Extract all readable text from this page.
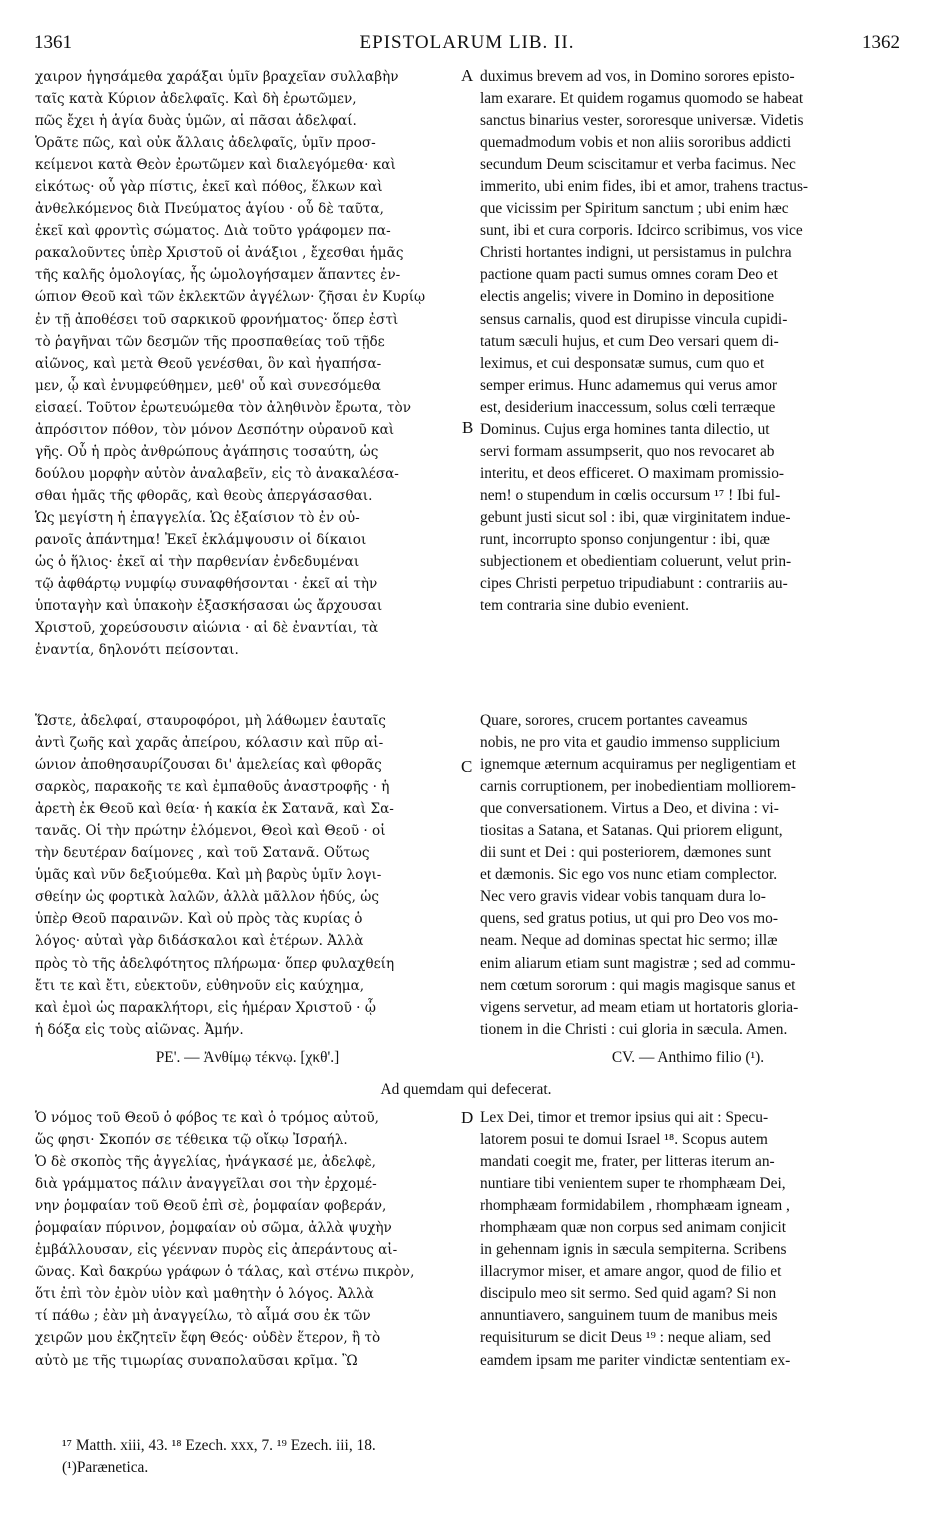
1361	EPISTOLARUM LIB. II.	1362
χαιρον ἡγησάμεθα χαράξαι ὑμῖν βραχεῖαν συλλαβὴν
ταῖς κατὰ Κύριον ἀδελφαῖς. Καὶ δὴ ἐρωτῶμεν,
πῶς ἔχει ἡ ἁγία δυὰς ὑμῶν, αἱ πᾶσαι ἀδελφαί.
Ὁρᾶτε πῶς, καὶ οὐκ ἄλλαις ἀδελφαῖς, ὑμῖν προσ-
κείμενοι κατὰ Θεὸν ἐρωτῶμεν καὶ διαλεγόμεθα· καὶ
εἰκότως· οὗ γὰρ πίστις, ἐκεῖ καὶ πόθος, ἕλκων καὶ
ἀνθελκόμενος διὰ Πνεύματος ἁγίου · οὗ δὲ ταῦτα,
ἐκεῖ καὶ φροντὶς σώματος. Διὰ τοῦτο γράφομεν πα-
ρακαλοῦντες ὑπὲρ Χριστοῦ οἱ ἀνάξιοι , ἔχεσθαι ἡμᾶς
τῆς καλῆς ὁμολογίας, ἧς ὡμολογήσαμεν ἅπαντες ἐν-
ώπιον Θεοῦ καὶ τῶν ἐκλεκτῶν ἀγγέλων· ζῆσαι ἐν Κυρίῳ
ἐν τῇ ἀποθέσει τοῦ σαρκικοῦ φρονήματος· ὅπερ ἐστὶ
τὸ ῥαγῆναι τῶν δεσμῶν τῆς προσπαθείας τοῦ τῇδε
αἰῶνος, καὶ μετὰ Θεοῦ γενέσθαι, ὃν καὶ ἠγαπήσα-
μεν, ᾧ καὶ ἐνυμφεύθημεν, μεθ' οὗ καὶ συνεσόμεθα
εἰσαεί. Τοῦτον ἐρωτευώμεθα τὸν ἀληθινὸν ἔρωτα, τὸν
ἀπρόσιτον πόθον, τὸν μόνον Δεσπότην οὐρανοῦ καὶ
γῆς. Οὗ ἡ πρὸς ἀνθρώπους ἀγάπησις τοσαύτη, ὡς
δούλου μορφὴν αὐτὸν ἀναλαβεῖν, εἰς τὸ ἀνακαλέσα-
σθαι ἡμᾶς τῆς φθορᾶς, καὶ θεοὺς ἀπεργάσασθαι.
Ὡς μεγίστη ἡ ἐπαγγελία. Ὡς ἐξαίσιον τὸ ἐν οὐ-
ρανοῖς ἀπάντημα! Ἐκεῖ ἐκλάμψουσιν οἱ δίκαιοι
ὡς ὁ ἥλιος· ἐκεῖ αἱ τὴν παρθενίαν ἐνδεδυμέναι
τῷ ἀφθάρτῳ νυμφίῳ συναφθήσονται · ἐκεῖ αἱ τὴν
ὑποταγὴν καὶ ὑπακοὴν ἐξασκήσασαι ὡς ἄρχουσαι
Χριστοῦ, χορεύσουσιν αἰώνια · αἱ δὲ ἐναντίαι, τὰ
ἐναντία, δηλονότι πείσονται.
duximus brevem ad vos, in Domino sorores episto-
lam exarare. Et quidem rogamus quomodo se habeat
sanctus binarius vester, sororesque universæ. Videtis
quemadmodum vobis et non aliis sororibus addicti
secundum Deum sciscitamur et verba facimus. Nec
immerito, ubi enim fides, ibi et amor, trahens tractus-
que vicissim per Spiritum sanctum ; ubi enim hæc
sunt, ibi et cura corporis. Idcirco scribimus, vos vice
Christi hortantes indigni, ut persistamus in pulchra
pactione quam pacti sumus omnes coram Deo et
electis angelis; vivere in Domino in depositione
sensus carnalis, quod est dirupisse vincula cupidi-
tatum sæculi hujus, et cum Deo versari quem di-
leximus, et cui desponsatæ sumus, cum quo et
semper erimus. Hunc adamemus qui verus amor
est, desiderium inaccessum, solus cœli terræque
Dominus. Cujus erga homines tanta dilectio, ut
servi formam assumpserit, quo nos revocaret ab
interitu, et deos efficeret. O maximam promissio-
nem! o stupendum in cœlis occursum ¹⁷ ! Ibi ful-
gebunt justi sicut sol : ibi, quæ virginitatem indue-
runt, incorrupto sponso conjungentur : ibi, quæ
subjectionem et obedientiam coluerunt, velut prin-
cipes Christi perpetuo tripudiabunt : contrariis au-
tem contraria sine dubio evenient.
A
B
Ὥστε, ἀδελφαί, σταυροφόροι, μὴ λάθωμεν ἑαυταῖς
ἀντὶ ζωῆς καὶ χαρᾶς ἀπείρου, κόλασιν καὶ πῦρ αἰ-
ώνιον ἀποθησαυρίζουσαι δι' ἀμελείας καὶ φθορᾶς
σαρκὸς, παρακοῆς τε καὶ ἐμπαθοῦς ἀναστροφῆς · ἡ
ἀρετὴ ἐκ Θεοῦ καὶ θεία· ἡ κακία ἐκ Σατανᾶ, καὶ Σα-
τανᾶς. Οἱ τὴν πρώτην ἑλόμενοι, Θεοὶ καὶ Θεοῦ · οἱ
τὴν δευτέραν δαίμονες , καὶ τοῦ Σατανᾶ. Οὕτως
ὑμᾶς καὶ νῦν δεξιούμεθα. Καὶ μὴ βαρὺς ὑμῖν λογι-
σθείην ὡς φορτικὰ λαλῶν, ἀλλὰ μᾶλλον ἡδύς, ὡς
ὑπὲρ Θεοῦ παραινῶν. Καὶ οὐ πρὸς τὰς κυρίας ὁ
λόγος· αὐταὶ γὰρ διδάσκαλοι καὶ ἑτέρων. Ἀλλὰ
πρὸς τὸ τῆς ἀδελφότητος πλήρωμα· ὅπερ φυλαχθείη
ἔτι τε καὶ ἔτι, εὐεκτοῦν, εὐθηνοῦν εἰς καύχημα,
καὶ ἐμοὶ ὡς παρακλήτορι, εἰς ἡμέραν Χριστοῦ · ᾧ
ἡ δόξα εἰς τοὺς αἰῶνας. Ἀμήν.
Quare, sorores, crucem portantes caveamus
nobis, ne pro vita et gaudio immenso supplicium
ignemque æternum acquiramus per negligentiam et
carnis corruptionem, per inobedientiam molliorem-
que conversationem. Virtus a Deo, et divina : vi-
tiositas a Satana, et Satanas. Qui priorem eligunt,
dii sunt et Dei : qui posteriorem, dæmones sunt
et dæmonis. Sic ego vos nunc etiam complector.
Nec vero gravis videar vobis tanquam dura lo-
quens, sed gratus potius, ut qui pro Deo vos mo-
neam. Neque ad dominas spectat hic sermo; illæ
enim aliarum etiam sunt magistræ ; sed ad commu-
nem cœtum sororum : qui magis magisque sanus et
vigens servetur, ad meam etiam ut hortatoris gloria-
tionem in die Christi : cui gloria in sæcula. Amen.
C
ΡΕ'. — Ἀνθίμῳ τέκνῳ. [χκθ'.]	CV. — Anthimo filio (¹).
Ad quemdam qui defecerat.
Ὁ νόμος τοῦ Θεοῦ ὁ φόβος τε καὶ ὁ τρόμος αὐτοῦ,
ὥς φησι· Σκοπόν σε τέθεικα τῷ οἴκῳ Ἰσραήλ.
Ὁ δὲ σκοπὸς τῆς ἀγγελίας, ἠνάγκασέ με, ἀδελφὲ,
διὰ γράμματος πάλιν ἀναγγεῖλαι σοι τὴν ἐρχομέ-
νην ῥομφαίαν τοῦ Θεοῦ ἐπὶ σὲ, ῥομφαίαν φοβεράν,
ῥομφαίαν πύρινον, ῥομφαίαν οὐ σῶμα, ἀλλὰ ψυχὴν
ἐμβάλλουσαν, εἰς γέενναν πυρὸς εἰς ἀπεράντους αἰ-
ῶνας. Καὶ δακρύω γράφων ὁ τάλας, καὶ στένω πικρὸν,
ὅτι ἐπὶ τὸν ἐμὸν υἱὸν καὶ μαθητὴν ὁ λόγος. Ἀλλὰ
τί πάθω ; ἐὰν μὴ ἀναγγείλω, τὸ αἷμά σου ἐκ τῶν
χειρῶν μου ἐκζητεῖν ἔφη Θεός· οὐδὲν ἕτερον, ἢ τὸ
αὐτὸ με τῆς τιμωρίας συναπολαῦσαι κρῖμα. Ὢ
Lex Dei, timor et tremor ipsius qui ait : Specu-
latorem posui te domui Israel ¹⁸. Scopus autem
mandati coegit me, frater, per litteras iterum an-
nuntiare tibi venientem super te rhomphæam Dei,
rhomphæam formidabilem , rhomphæam igneam ,
rhomphæam quæ non corpus sed animam conjicit
in gehennam ignis in sæcula sempiterna. Scribens
illacrymor miser, et amare angor, quod de filio et
discipulo meo sit sermo. Sed quid agam? Si non
annuntiavero, sanguinem tuum de manibus meis
requisiturum se dicit Deus ¹⁹ : neque aliam, sed
eamdem ipsam me pariter vindictæ sententiam ex-
D
¹⁷ Matth. xiii, 43. ¹⁸ Ezech. xxx, 7. ¹⁹ Ezech. iii, 18.
(¹)Parænetica.
